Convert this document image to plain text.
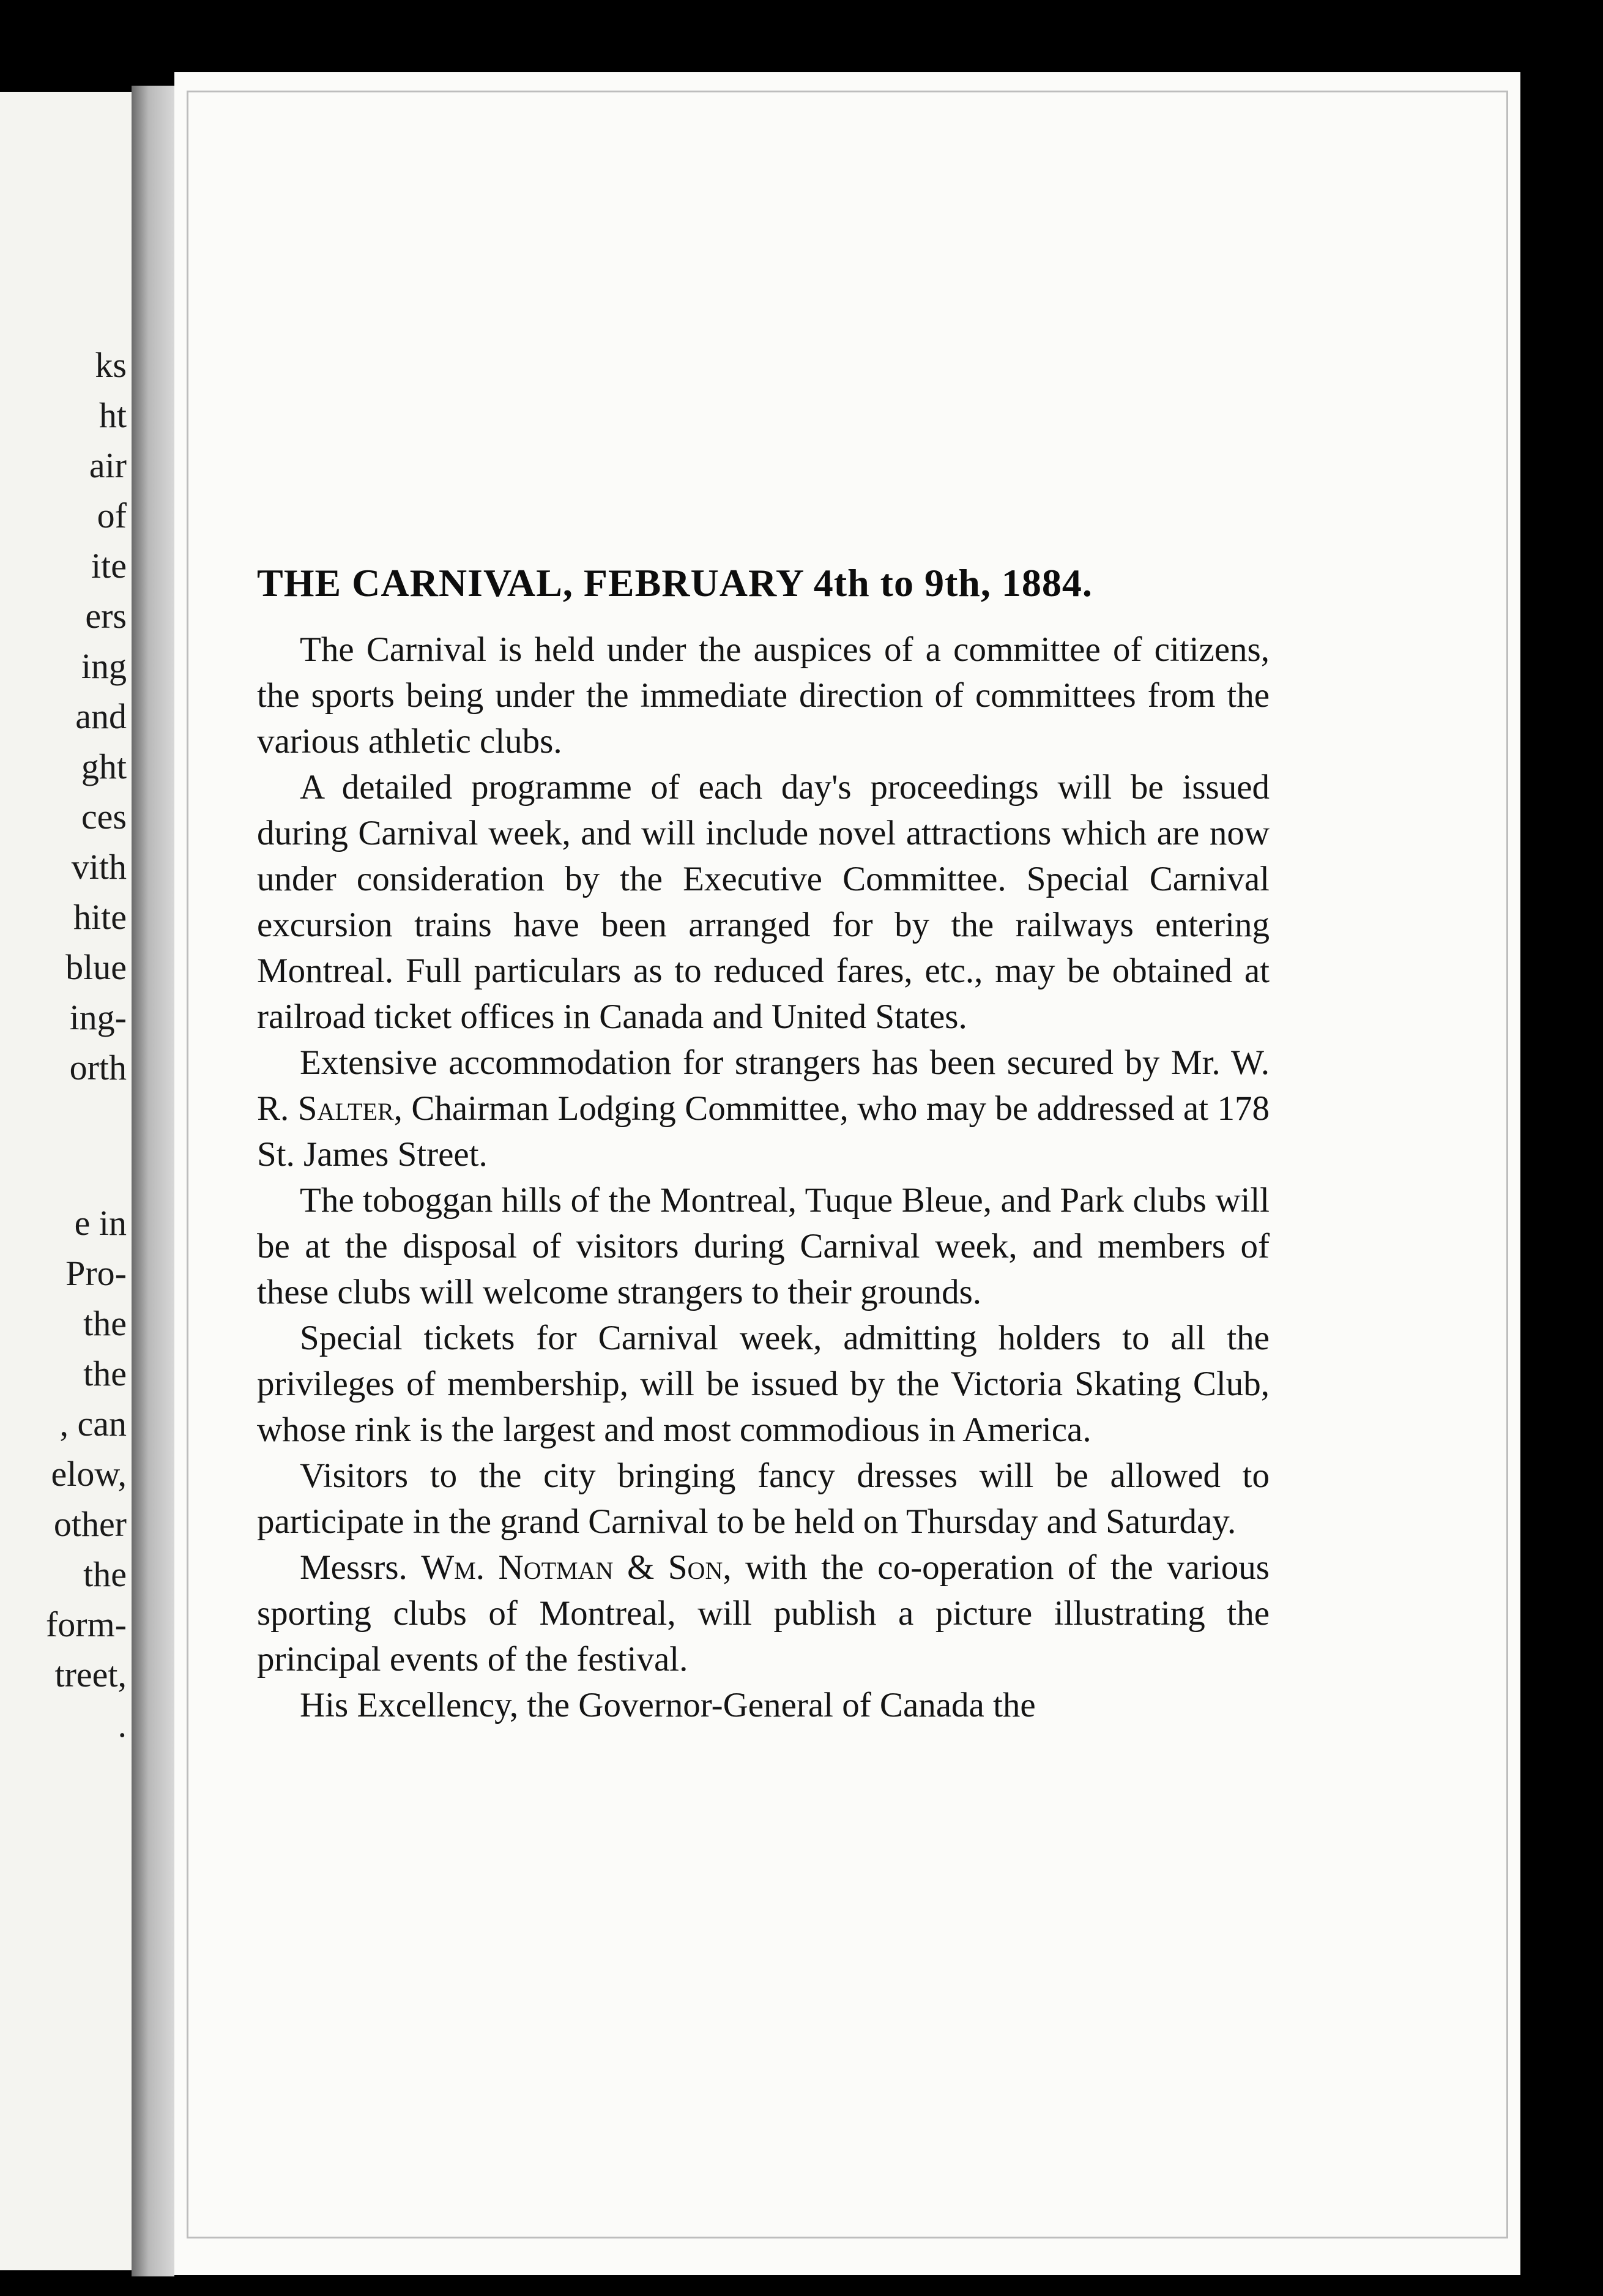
ks
ht
air
of
ite
ers
ing
and
ght
ces
vith
hite
blue
ing-
orth
e in
Pro-
the
the
, can
elow,
other
the
form-
treet,
.
THE CARNIVAL, FEBRUARY 4th to 9th, 1884.

The Carnival is held under the auspices of a committee of citizens, the sports being under the immediate direction of committees from the various athletic clubs.

A detailed programme of each day's proceedings will be issued during Carnival week, and will include novel attractions which are now under consideration by the Executive Committee. Special Carnival excursion trains have been arranged for by the railways entering Montreal. Full particulars as to reduced fares, etc., may be obtained at railroad ticket offices in Canada and United States.

Extensive accommodation for strangers has been secured by Mr. W. R. Salter, Chairman Lodging Committee, who may be addressed at 178 St. James Street.

The toboggan hills of the Montreal, Tuque Bleue, and Park clubs will be at the disposal of visitors during Carnival week, and members of these clubs will welcome strangers to their grounds.

Special tickets for Carnival week, admitting holders to all the privileges of membership, will be issued by the Victoria Skating Club, whose rink is the largest and most commodious in America.

Visitors to the city bringing fancy dresses will be allowed to participate in the grand Carnival to be held on Thursday and Saturday.

Messrs. Wm. Notman & Son, with the co-operation of the various sporting clubs of Montreal, will publish a picture illustrating the principal events of the festival.

His Excellency, the Governor-General of Canada the
